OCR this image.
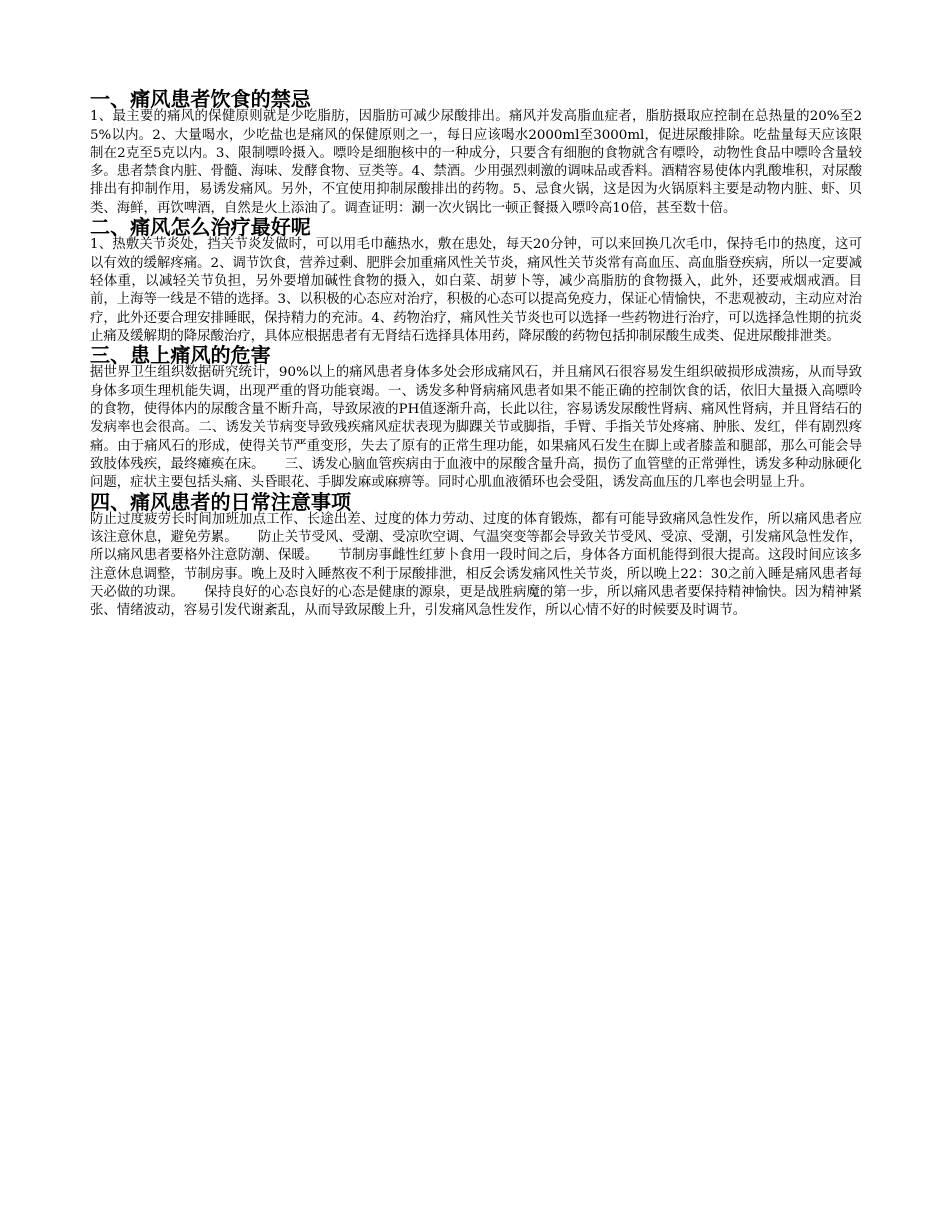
一、痛风患者饮食的禁忌

1、最主要的痛风的保健原则就是少吃脂肪，因脂肪可减少尿酸排出。痛风并发高脂血症者，脂肪摄取应控制在总热量的20%至25%以内。2、大量喝水，少吃盐也是痛风的保健原则之一，每日应该喝水2000ml至3000ml，促进尿酸排除。吃盐量每天应该限制在2克至5克以内。3、限制嘌呤摄入。嘌呤是细胞核中的一种成分，只要含有细胞的食物就含有嘌呤，动物性食品中嘌呤含量较多。患者禁食内脏、骨髓、海味、发酵食物、豆类等。4、禁酒。少用强烈刺激的调味品或香料。酒精容易使体内乳酸堆积，对尿酸排出有抑制作用，易诱发痛风。另外，不宜使用抑制尿酸排出的药物。5、忌食火锅，这是因为火锅原料主要是动物内脏、虾、贝类、海鲜，再饮啤酒，自然是火上添油了。调查证明：涮一次火锅比一顿正餐摄入嘌呤高10倍，甚至数十倍。

二、痛风怎么治疗最好呢

1、热敷关节炎处，挡关节炎发做时，可以用毛巾蘸热水，敷在患处，每天20分钟，可以来回换几次毛巾，保持毛巾的热度，这可以有效的缓解疼痛。2、调节饮食，营养过剩、肥胖会加重痛风性关节炎，痛风性关节炎常有高血压、高血脂登疾病，所以一定要减轻体重，以减轻关节负担，另外要增加碱性食物的摄入，如白菜、胡萝卜等，减少高脂肪的食物摄入，此外，还要戒烟戒酒。目前，上海等一线是不错的选择。3、以积极的心态应对治疗，积极的心态可以提高免疫力，保证心情愉快，不悲观被动，主动应对治疗，此外还要合理安排睡眠，保持精力的充沛。4、药物治疗，痛风性关节炎也可以选择一些药物进行治疗，可以选择急性期的抗炎止痛及缓解期的降尿酸治疗，具体应根据患者有无肾结石选择具体用药，降尿酸的药物包括抑制尿酸生成类、促进尿酸排泄类。

三、患上痛风的危害

据世界卫生组织数据研究统计，90%以上的痛风患者身体多处会形成痛风石，并且痛风石很容易发生组织破损形成溃疡，从而导致身体多项生理机能失调，出现严重的肾功能衰竭。一、诱发多种肾病痛风患者如果不能正确的控制饮食的话，依旧大量摄入高嘌呤的食物，使得体内的尿酸含量不断升高，导致尿液的PH值逐渐升高，长此以往，容易诱发尿酸性肾病、痛风性肾病，并且肾结石的发病率也会很高。二、诱发关节病变导致残疾痛风症状表现为脚踝关节或脚指，手臂、手指关节处疼痛、肿胀、发红，伴有剧烈疼痛。由于痛风石的形成，使得关节严重变形，失去了原有的正常生理功能，如果痛风石发生在脚上或者膝盖和腿部，那么可能会导致肢体残疾，最终瘫痪在床。　　三、诱发心脑血管疾病由于血液中的尿酸含量升高，损伤了血管壁的正常弹性，诱发多种动脉硬化问题，症状主要包括头痛、头昏眼花、手脚发麻或麻痹等。同时心肌血液循环也会受阻，诱发高血压的几率也会明显上升。

四、痛风患者的日常注意事项

防止过度疲劳长时间加班加点工作、长途出差、过度的体力劳动、过度的体育锻炼，都有可能导致痛风急性发作，所以痛风患者应该注意休息，避免劳累。　　防止关节受风、受潮、受凉吹空调、气温突变等都会导致关节受风、受凉、受潮，引发痛风急性发作，所以痛风患者要格外注意防潮、保暖。　　节制房事雌性红萝卜食用一段时间之后，身体各方面机能得到很大提高。这段时间应该多注意休息调整，节制房事。晚上及时入睡熬夜不利于尿酸排泄，相反会诱发痛风性关节炎，所以晚上22：30之前入睡是痛风患者每天必做的功课。　　保持良好的心态良好的心态是健康的源泉，更是战胜病魔的第一步，所以痛风患者要保持精神愉快。因为精神紧张、情绪波动，容易引发代谢紊乱，从而导致尿酸上升，引发痛风急性发作，所以心情不好的时候要及时调节。
